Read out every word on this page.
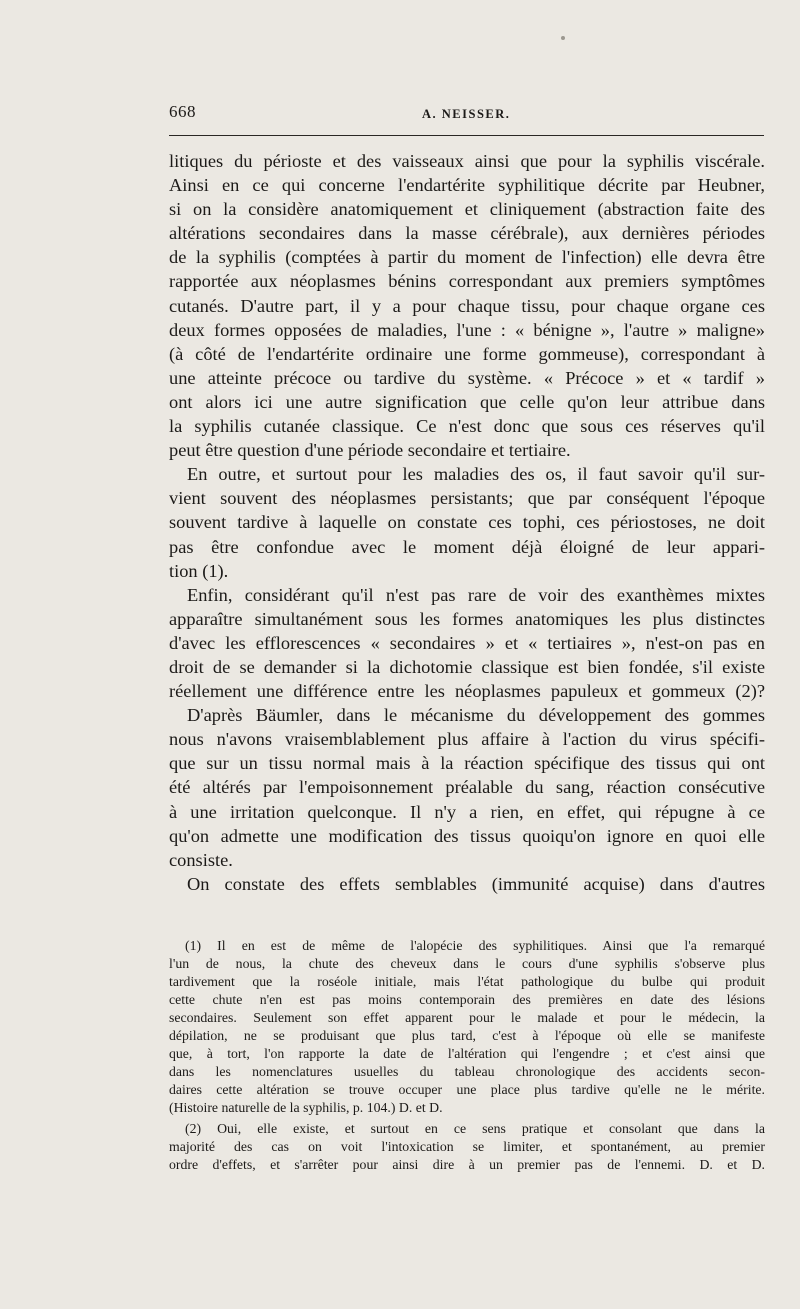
668	A. NEISSER.
litiques du périoste et des vaisseaux ainsi que pour la syphilis viscérale.
Ainsi en ce qui concerne l'endartérite syphilitique décrite par Heubner,
si on la considère anatomiquement et cliniquement (abstraction faite des
altérations secondaires dans la masse cérébrale), aux dernières périodes
de la syphilis (comptées à partir du moment de l'infection) elle devra être
rapportée aux néoplasmes bénins correspondant aux premiers symptômes
cutanés. D'autre part, il y a pour chaque tissu, pour chaque organe ces
deux formes opposées de maladies, l'une : « bénigne », l'autre » maligne»
(à côté de l'endartérite ordinaire une forme gommeuse), correspondant à
une atteinte précoce ou tardive du système. « Précoce » et « tardif »
ont alors ici une autre signification que celle qu'on leur attribue dans
la syphilis cutanée classique. Ce n'est donc que sous ces réserves qu'il
peut être question d'une période secondaire et tertiaire.
En outre, et surtout pour les maladies des os, il faut savoir qu'il sur-
vient souvent des néoplasmes persistants; que par conséquent l'époque
souvent tardive à laquelle on constate ces tophi, ces périostoses, ne doit
pas être confondue avec le moment déjà éloigné de leur appari-
tion (1).
Enfin, considérant qu'il n'est pas rare de voir des exanthèmes mixtes
apparaître simultanément sous les formes anatomiques les plus distinctes
d'avec les efflorescences « secondaires » et « tertiaires », n'est-on pas en
droit de se demander si la dichotomie classique est bien fondée, s'il existe
réellement une différence entre les néoplasmes papuleux et gommeux (2)?
D'après Bäumler, dans le mécanisme du développement des gommes
nous n'avons vraisemblablement plus affaire à l'action du virus spécifi-
que sur un tissu normal mais à la réaction spécifique des tissus qui ont
été altérés par l'empoisonnement préalable du sang, réaction consécutive
à une irritation quelconque. Il n'y a rien, en effet, qui répugne à ce
qu'on admette une modification des tissus quoiqu'on ignore en quoi elle
consiste.
On constate des effets semblables (immunité acquise) dans d'autres
(1) Il en est de même de l'alopécie des syphilitiques. Ainsi que l'a remarqué
l'un de nous, la chute des cheveux dans le cours d'une syphilis s'observe plus
tardivement que la roséole initiale, mais l'état pathologique du bulbe qui produit
cette chute n'en est pas moins contemporain des premières en date des lésions
secondaires. Seulement son effet apparent pour le malade et pour le médecin, la
dépilation, ne se produisant que plus tard, c'est à l'époque où elle se manifeste
que, à tort, l'on rapporte la date de l'altération qui l'engendre ; et c'est ainsi que
dans les nomenclatures usuelles du tableau chronologique des accidents secon-
daires cette altération se trouve occuper une place plus tardive qu'elle ne le mérite.
(Histoire naturelle de la syphilis, p. 104.) D. et D.
(2) Oui, elle existe, et surtout en ce sens pratique et consolant que dans la
majorité des cas on voit l'intoxication se limiter, et spontanément, au premier
ordre d'effets, et s'arrêter pour ainsi dire à un premier pas de l'ennemi. D. et D.
